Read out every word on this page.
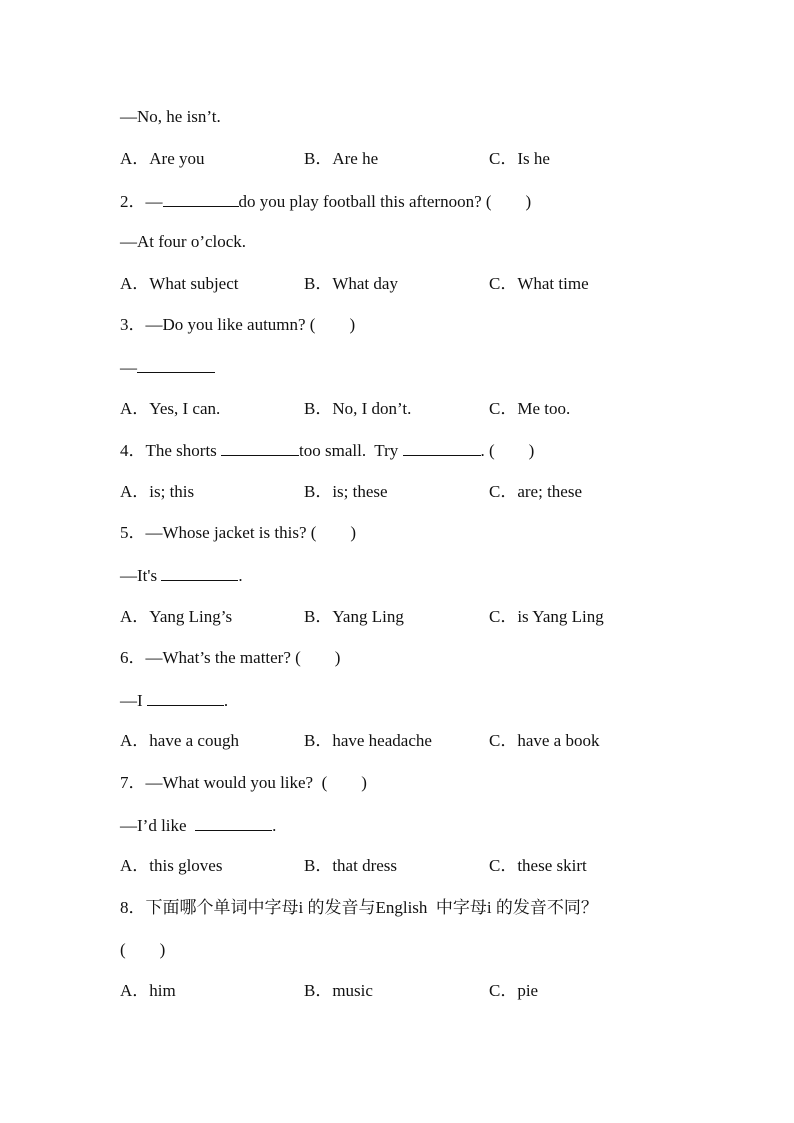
—No, he isn’t.
A．Are you	B．Are he	C．Is he
2．—	do you play football this afternoon? (        )
—At four o’clock.
A．What subject	B．What day	C．What time
3．—Do you like autumn? (        )
—
A．Yes, I can.	B．No, I don’t.	C．Me too.
4．The shorts	too small.  Try	. (        )
A．is; this	B．is; these	C．are; these
5．—Whose jacket is this? (        )
—It's	.
A．Yang Ling’s	B．Yang Ling	C．is Yang Ling
6．—What’s the matter? (        )
—I	.
A．have a cough	B．have headache	C．have a book
7．—What would you like?  (        )
—I’d like	.
A．this gloves	B．that dress	C．these skirt
8．下面哪个单词中字母i 的发音与English  中字母i 的发音不同？
(        )
A．him	B．music	C．pie
